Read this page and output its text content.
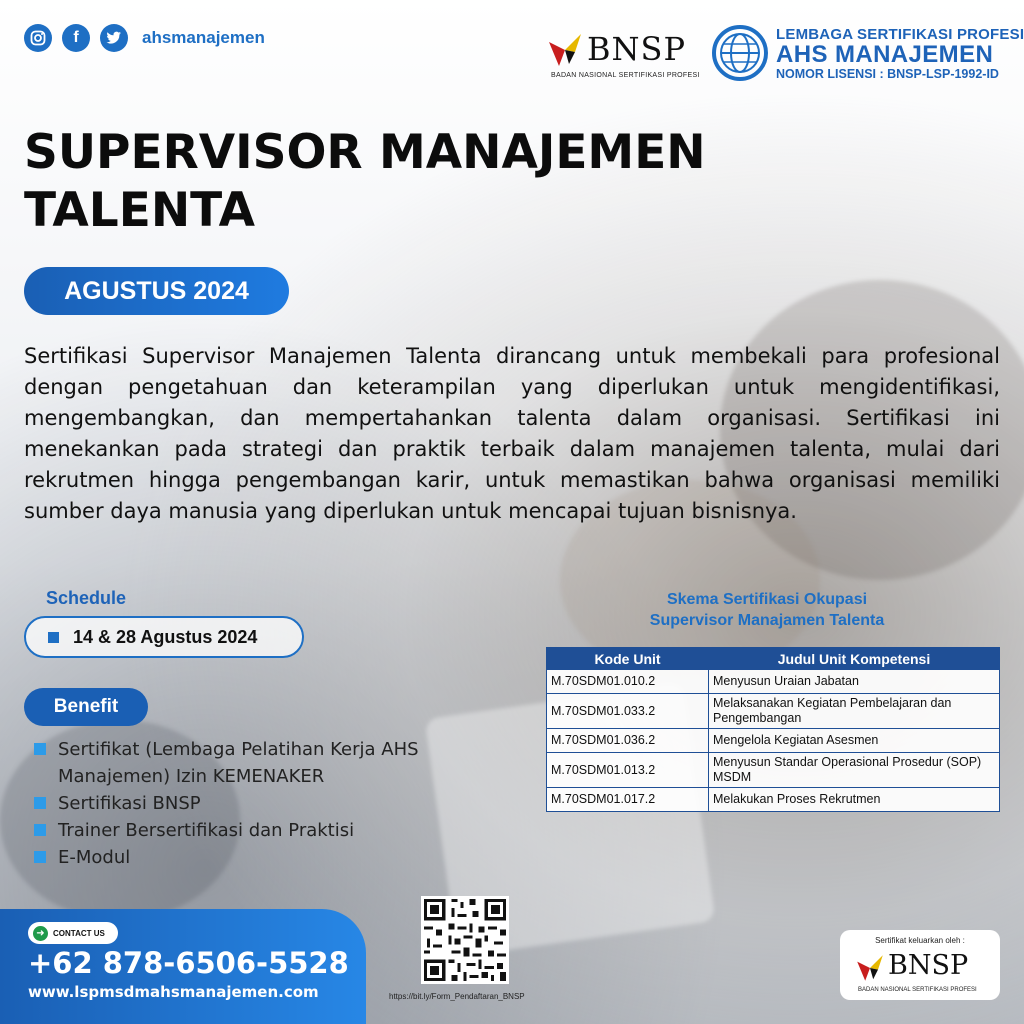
f	ahsmanajemen	BNSP
BADAN NASIONAL SERTIFIKASI PROFESI
LEMBAGA SERTIFIKASI PROFESI
AHS MANAJEMEN
NOMOR LISENSI : BNSP-LSP-1992-ID
SUPERVISOR MANAJEMEN
TALENTA
AGUSTUS 2024

Sertifikasi Supervisor Manajemen Talenta dirancang untuk membekali para profesional dengan pengetahuan dan keterampilan yang diperlukan untuk mengidentifikasi, mengembangkan, dan mempertahankan talenta dalam organisasi. Sertifikasi ini menekankan pada strategi dan praktik terbaik dalam manajemen talenta, mulai dari rekrutmen hingga pengembangan karir, untuk memastikan bahwa organisasi memiliki sumber daya manusia yang diperlukan untuk mencapai tujuan bisnisnya.

Schedule
14 & 28 Agustus 2024
Benefit
Sertifikat (Lembaga Pelatihan Kerja AHS Manajemen) Izin KEMENAKER
Sertifikasi BNSP
Trainer Bersertifikasi dan Praktisi
E-Modul
Skema Sertifikasi Okupasi
Supervisor Manajamen Talenta
Kode Unit	Judul Unit Kompetensi
M.70SDM01.010.2	Menyusun Uraian Jabatan
M.70SDM01.033.2	Melaksanakan Kegiatan Pembelajaran dan Pengembangan
M.70SDM01.036.2	Mengelola Kegiatan Asesmen
M.70SDM01.013.2	Menyusun Standar Operasional Prosedur (SOP) MSDM
M.70SDM01.017.2	Melakukan Proses Rekrutmen
➜	CONTACT US
+62 878-6506-5528
www.lspmsdmahsmanajemen.com	https://bit.ly/Form_Pendaftaran_BNSP
Sertifikat keluarkan oleh :
BNSP
BADAN NASIONAL SERTIFIKASI PROFESI
